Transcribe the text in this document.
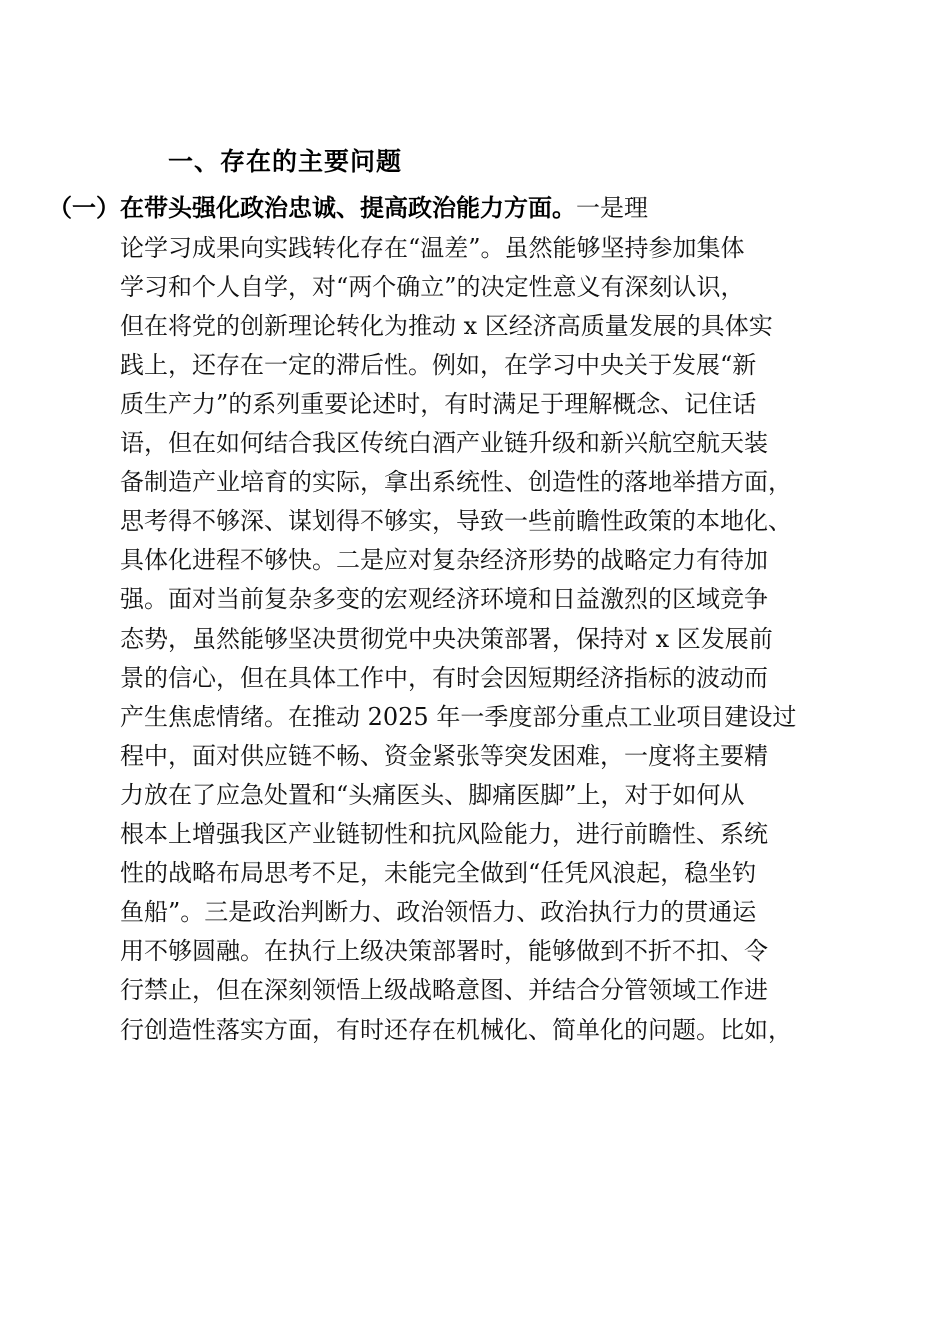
一、存在的主要问题
（一）在带头强化政治忠诚、提高政治能力方面。一是理
论学习成果向实践转化存在“温差”。虽然能够坚持参加集体
学习和个人自学，对“两个确立”的决定性意义有深刻认识，
但在将党的创新理论转化为推动 x 区经济高质量发展的具体实
践上，还存在一定的滞后性。例如，在学习中央关于发展“新
质生产力”的系列重要论述时，有时满足于理解概念、记住话
语，但在如何结合我区传统白酒产业链升级和新兴航空航天装
备制造产业培育的实际，拿出系统性、创造性的落地举措方面，
思考得不够深、谋划得不够实，导致一些前瞻性政策的本地化、
具体化进程不够快。二是应对复杂经济形势的战略定力有待加
强。面对当前复杂多变的宏观经济环境和日益激烈的区域竞争
态势，虽然能够坚决贯彻党中央决策部署，保持对 x 区发展前
景的信心，但在具体工作中，有时会因短期经济指标的波动而
产生焦虑情绪。在推动 2025 年一季度部分重点工业项目建设过
程中，面对供应链不畅、资金紧张等突发困难，一度将主要精
力放在了应急处置和“头痛医头、脚痛医脚”上，对于如何从
根本上增强我区产业链韧性和抗风险能力，进行前瞻性、系统
性的战略布局思考不足，未能完全做到“任凭风浪起，稳坐钓
鱼船”。三是政治判断力、政治领悟力、政治执行力的贯通运
用不够圆融。在执行上级决策部署时，能够做到不折不扣、令
行禁止，但在深刻领悟上级战略意图、并结合分管领域工作进
行创造性落实方面，有时还存在机械化、简单化的问题。比如，
